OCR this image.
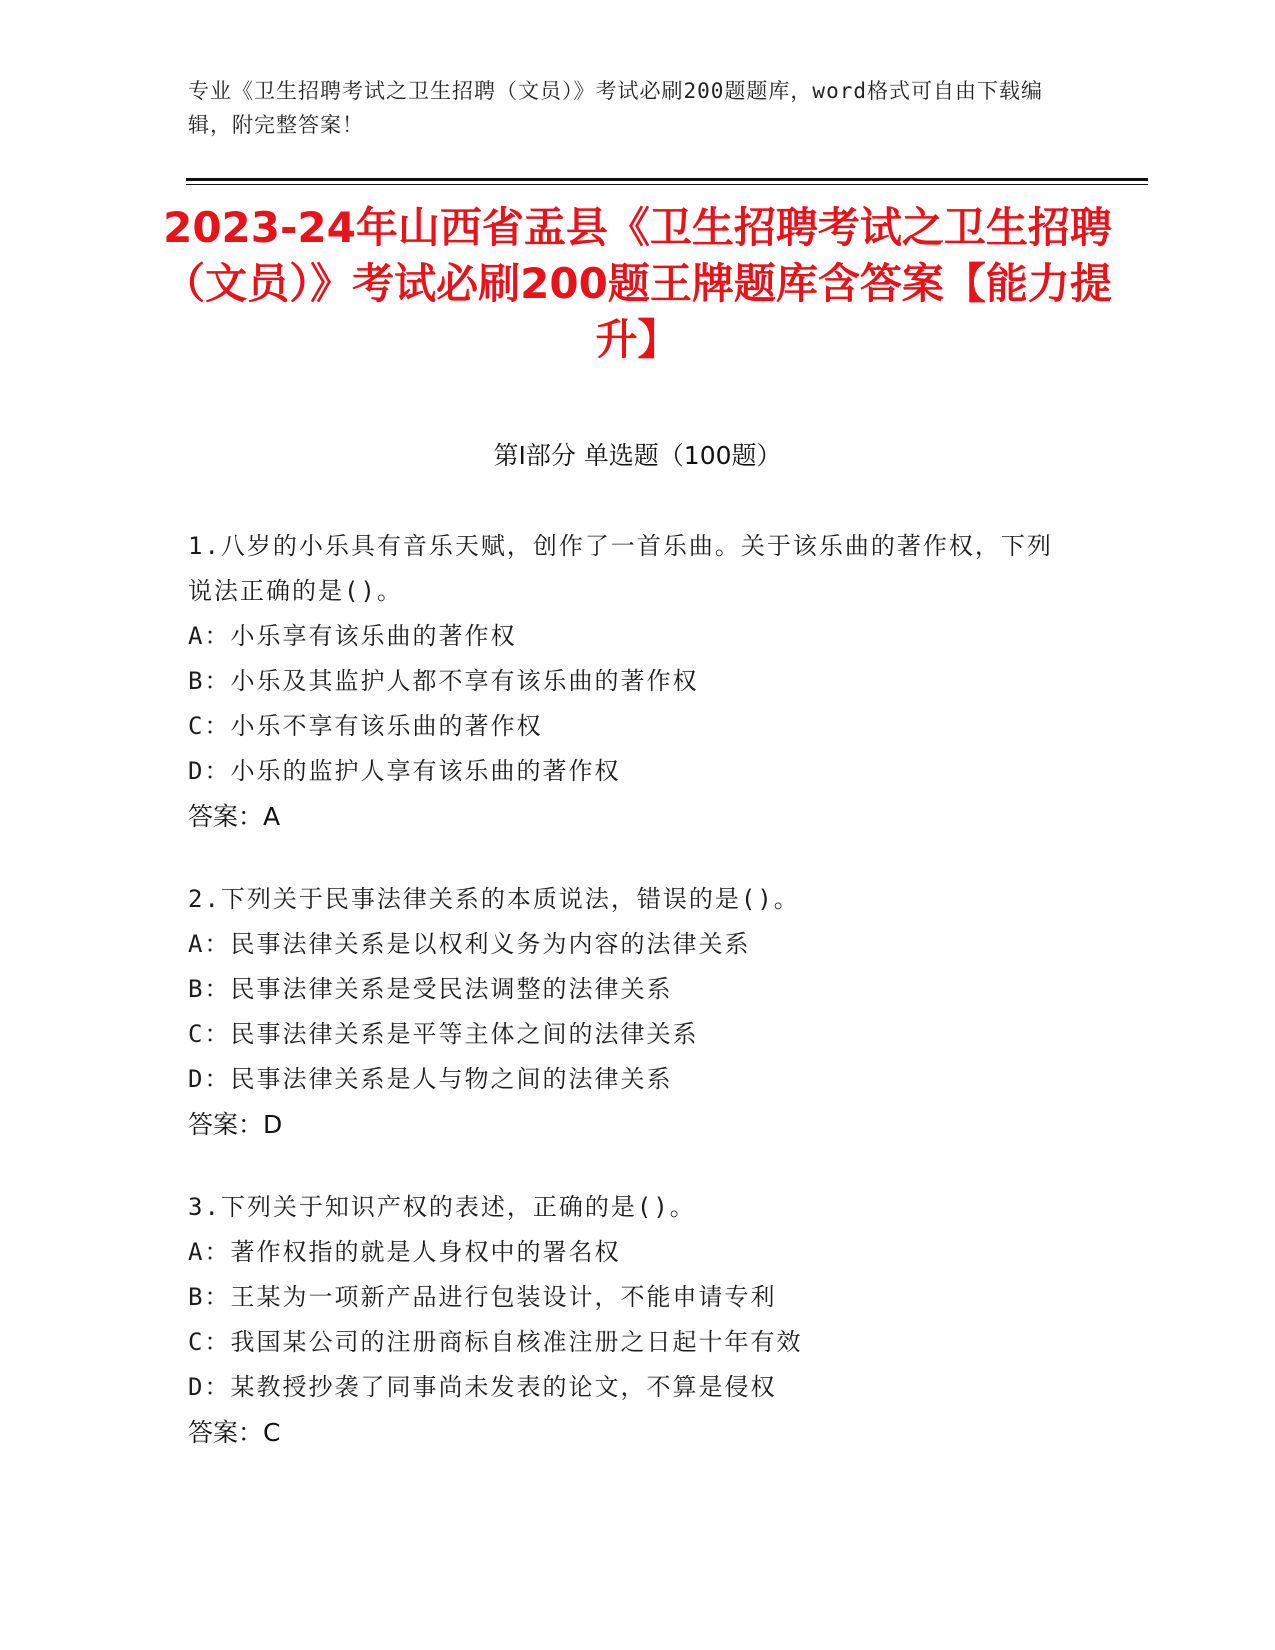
专业《卫生招聘考试之卫生招聘（文员）》考试必刷200题题库，word格式可自由下载编辑，附完整答案！
2023-24年山西省盂县《卫生招聘考试之卫生招聘（文员）》考试必刷200题王牌题库含答案【能力提升】
第I部分 单选题（100题）
1.八岁的小乐具有音乐天赋，创作了一首乐曲。关于该乐曲的著作权，下列说法正确的是()。
A：小乐享有该乐曲的著作权
B：小乐及其监护人都不享有该乐曲的著作权
C：小乐不享有该乐曲的著作权
D：小乐的监护人享有该乐曲的著作权
答案：A
2.下列关于民事法律关系的本质说法，错误的是()。
A：民事法律关系是以权利义务为内容的法律关系
B：民事法律关系是受民法调整的法律关系
C：民事法律关系是平等主体之间的法律关系
D：民事法律关系是人与物之间的法律关系
答案：D
3.下列关于知识产权的表述，正确的是()。
A：著作权指的就是人身权中的署名权
B：王某为一项新产品进行包装设计，不能申请专利
C：我国某公司的注册商标自核准注册之日起十年有效
D：某教授抄袭了同事尚未发表的论文，不算是侵权
答案：C
